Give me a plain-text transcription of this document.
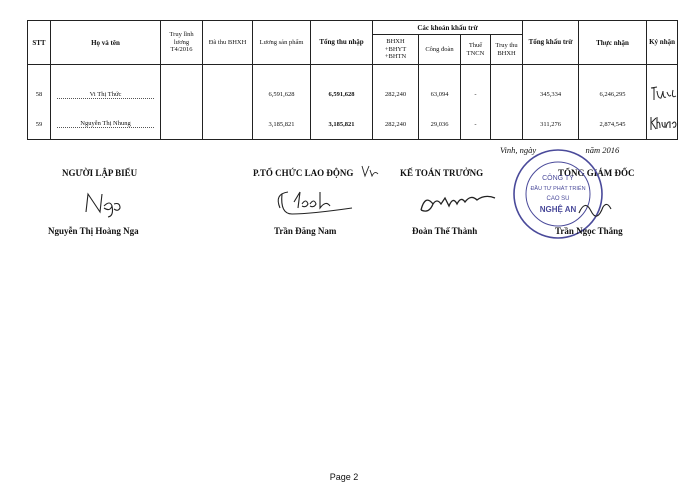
STT	Họ và tên	Truy lĩnh lương T4/2016	Đã thu BHXH	Lương sản phẩm	Tổng thu nhập	Các khoản khấu trừ				Tổng khấu trừ	Thực nhận	Ký nhận
						BHXH +BHYT +BHTN	Công đoàn	Thuế TNCN	Truy thu BHXH			

58	Vi Thị Thức			6,591,628	6,591,628	282,240	63,094	-		345,334	6,246,295	
59	Nguyễn Thị Nhung			3,185,821	3,185,821	282,240	29,036	-		311,276	2,874,545	
Vinh, ngày	năm 2016
NGƯỜI LẬP BIỂU
Nguyễn Thị Hoàng Nga
P.TỔ CHỨC LAO ĐỘNG
Trần Đăng Nam
KẾ TOÁN TRƯỞNG
Đoàn Thế Thành
TỔNG GIÁM ĐỐC
CÔNG TY
ĐẦU TƯ PHÁT TRIỂN
CAO SU
NGHỆ AN
Trần Ngọc Thắng
Page 2
